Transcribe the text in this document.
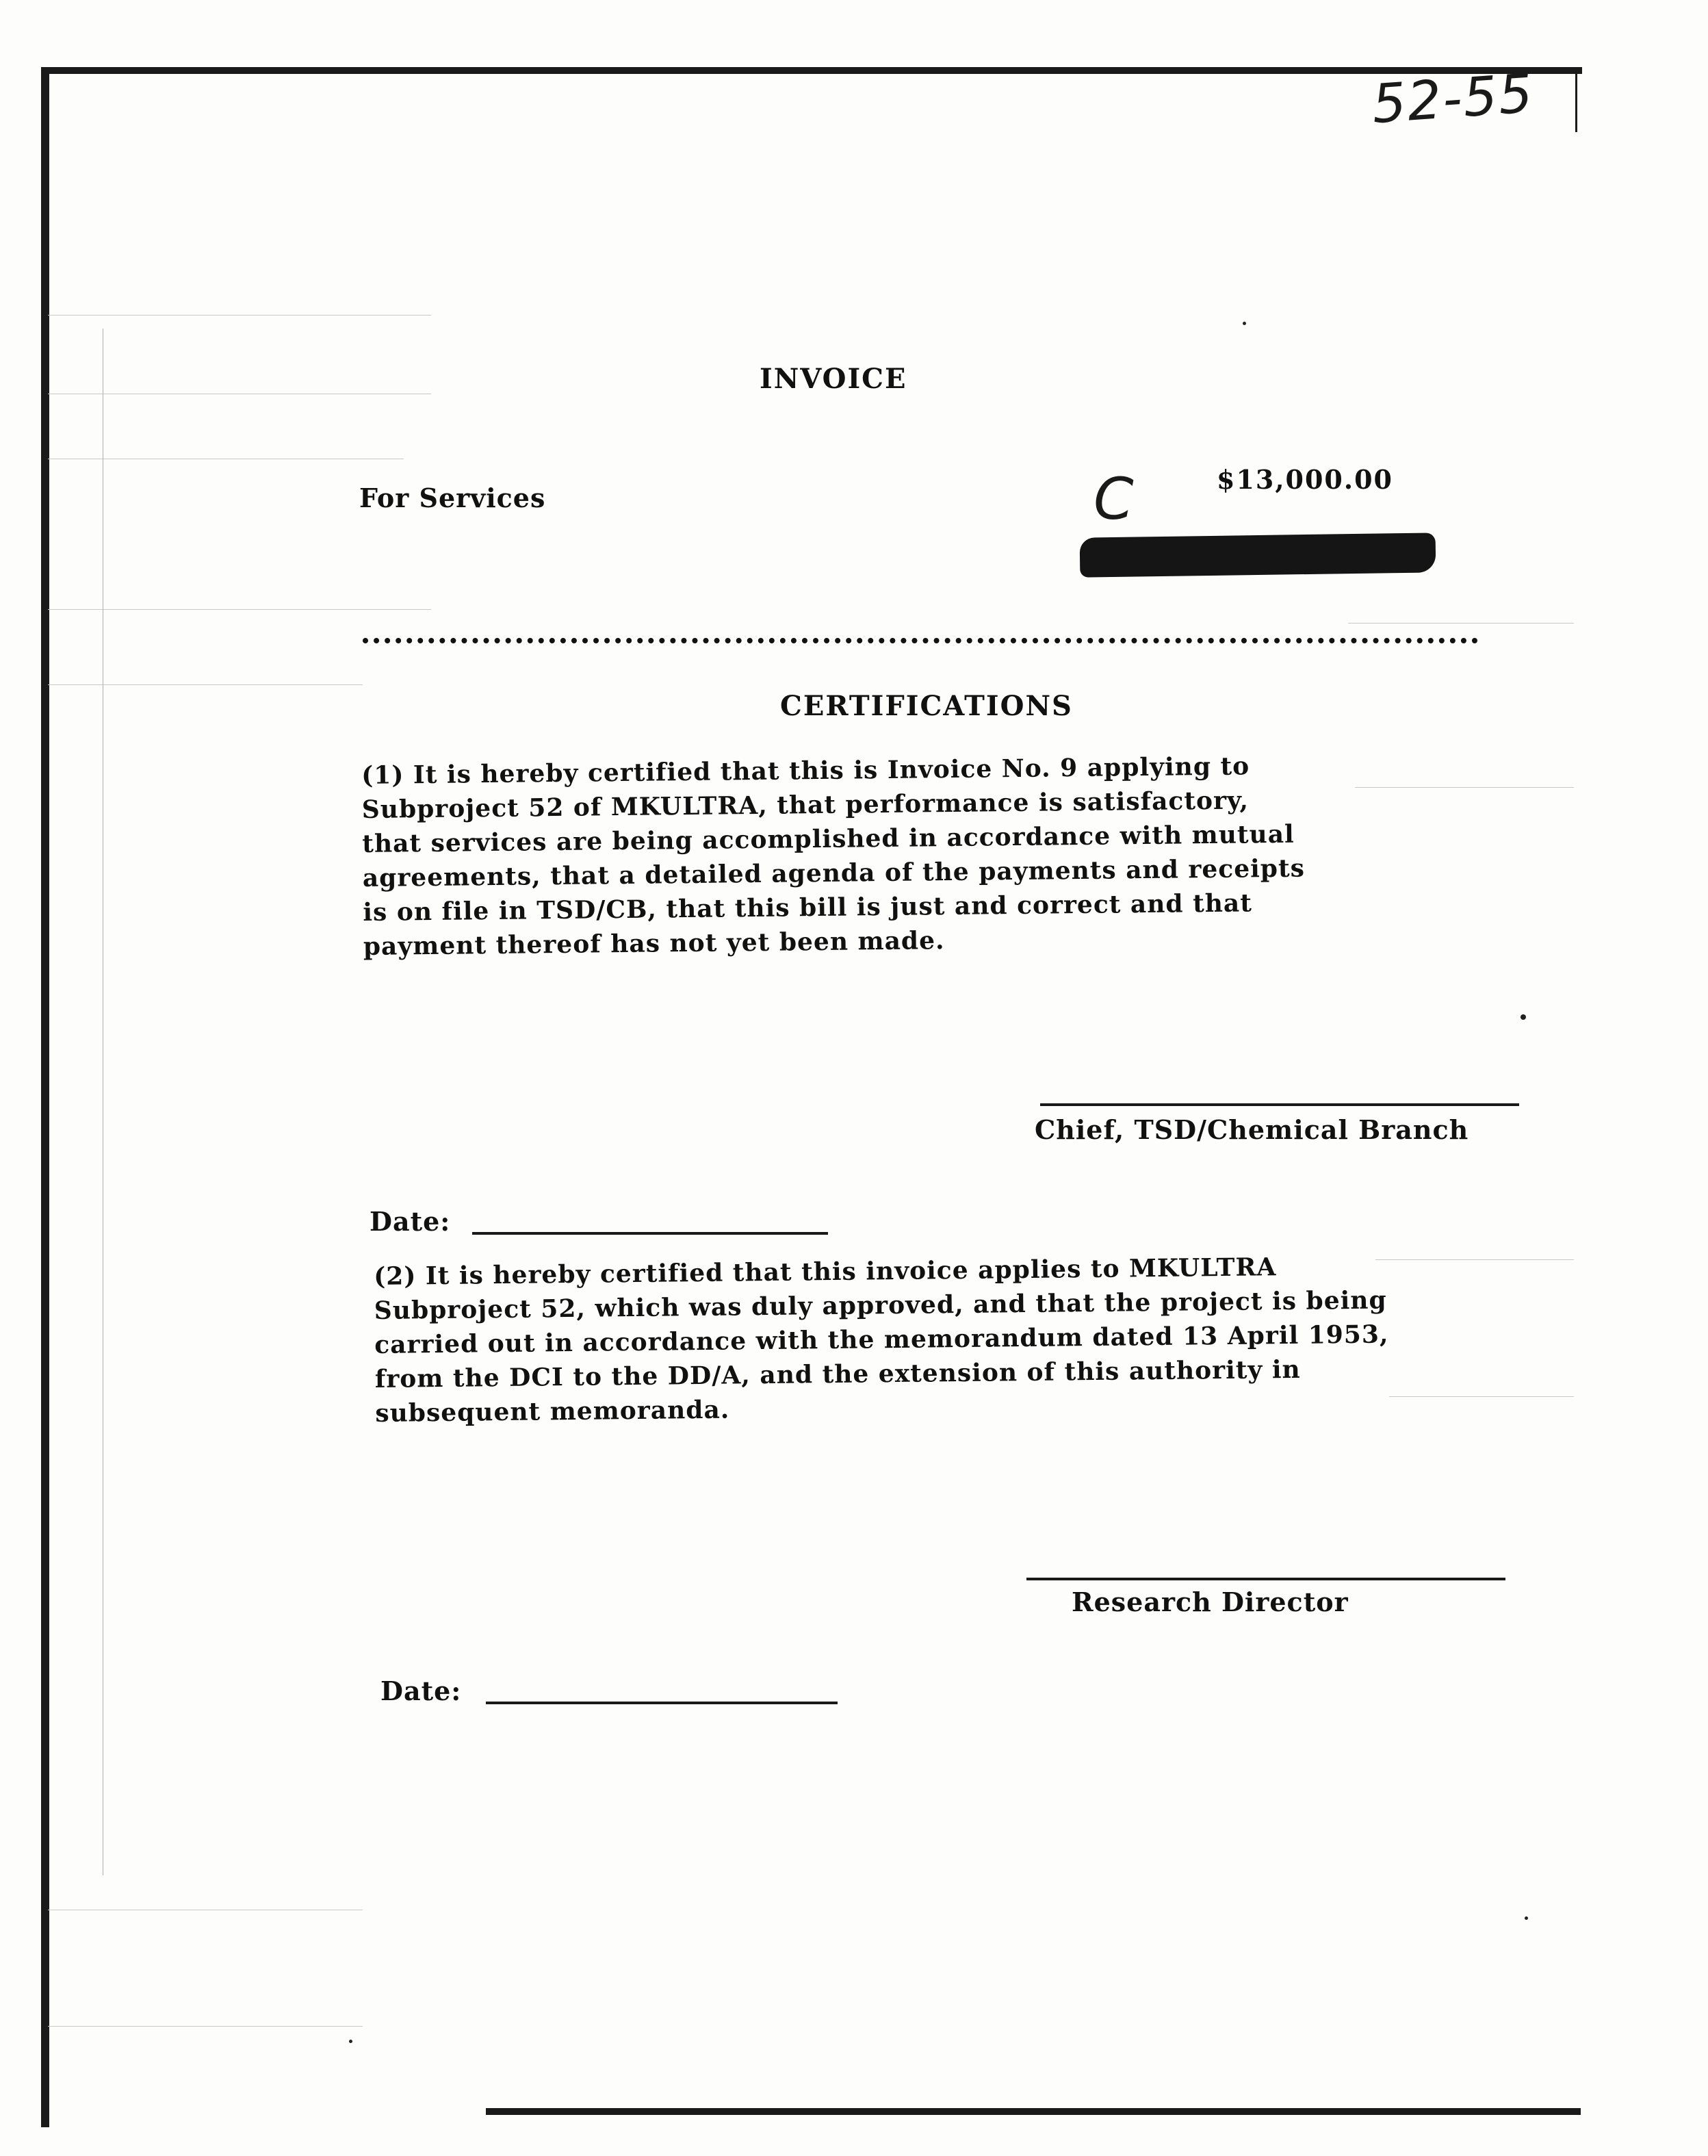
52-55
INVOICE
For Services	C	$13,000.00
CERTIFICATIONS
(1) It is hereby certified that this is Invoice No. 9 applying to
Subproject 52 of MKULTRA, that performance is satisfactory,
that services are being accomplished in accordance with mutual
agreements, that a detailed agenda of the payments and receipts
is on file in TSD/CB, that this bill is just and correct and that
payment thereof has not yet been made.
Chief, TSD/Chemical Branch
Date:
(2) It is hereby certified that this invoice applies to MKULTRA
Subproject 52, which was duly approved, and that the project is being
carried out in accordance with the memorandum dated 13 April 1953,
from the DCI to the DD/A, and the extension of this authority in
subsequent memoranda.
Research Director
Date:
